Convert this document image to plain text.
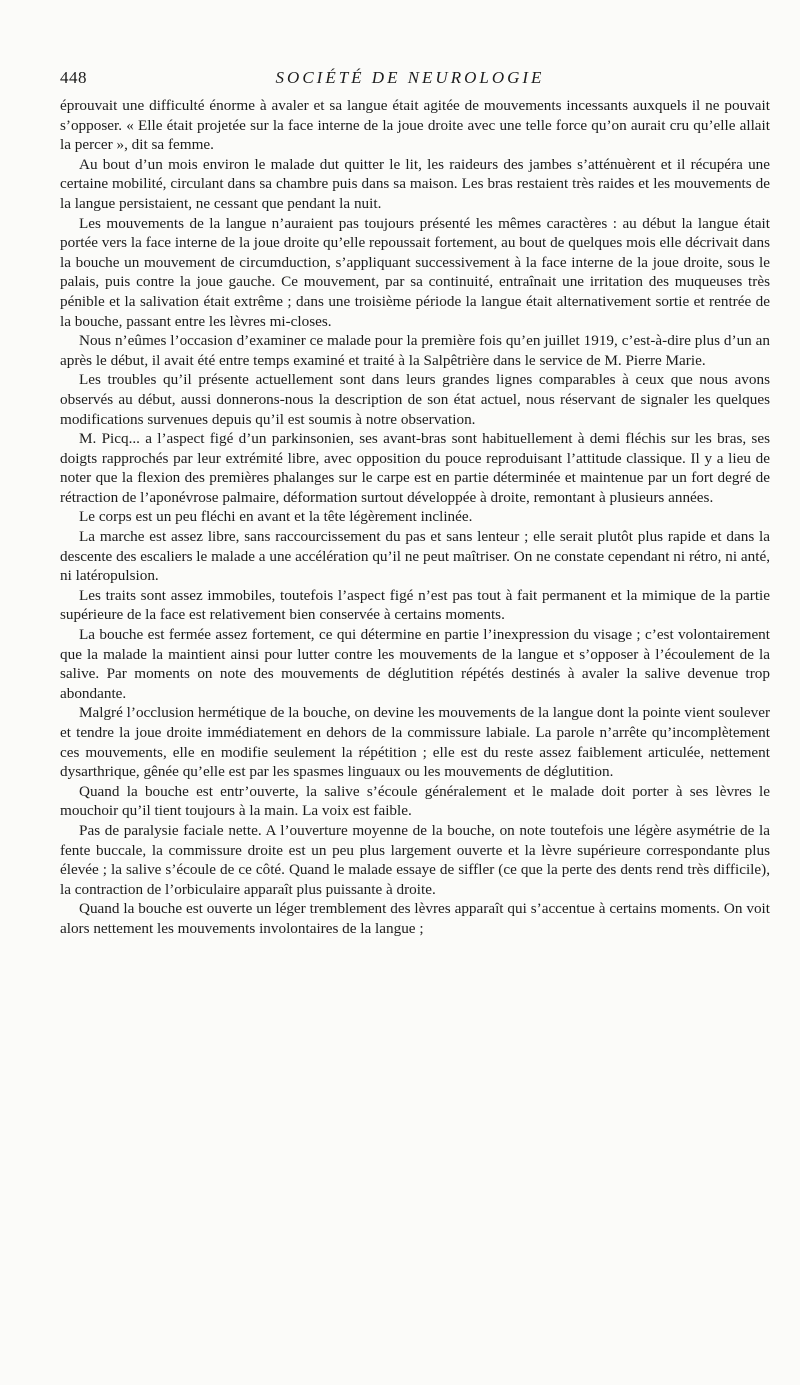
448	SOCIÉTÉ DE NEUROLOGIE

éprouvait une difficulté énorme à avaler et sa langue était agitée de mouvements incessants auxquels il ne pouvait s’opposer. « Elle était projetée sur la face interne de la joue droite avec une telle force qu’on aurait cru qu’elle allait la percer », dit sa femme.

Au bout d’un mois environ le malade dut quitter le lit, les raideurs des jambes s’atténuèrent et il récupéra une certaine mobilité, circulant dans sa chambre puis dans sa maison. Les bras restaient très raides et les mouvements de la langue persistaient, ne cessant que pendant la nuit.

Les mouvements de la langue n’auraient pas toujours présenté les mêmes caractères : au début la langue était portée vers la face interne de la joue droite qu’elle repoussait fortement, au bout de quelques mois elle décrivait dans la bouche un mouvement de circumduction, s’appliquant successivement à la face interne de la joue droite, sous le palais, puis contre la joue gauche. Ce mouvement, par sa continuité, entraînait une irritation des muqueuses très pénible et la salivation était extrême ; dans une troisième période la langue était alternativement sortie et rentrée de la bouche, passant entre les lèvres mi-closes.

Nous n’eûmes l’occasion d’examiner ce malade pour la première fois qu’en juillet 1919, c’est-à-dire plus d’un an après le début, il avait été entre temps examiné et traité à la Salpêtrière dans le service de M. Pierre Marie.

Les troubles qu’il présente actuellement sont dans leurs grandes lignes comparables à ceux que nous avons observés au début, aussi donnerons-nous la description de son état actuel, nous réservant de signaler les quelques modifications survenues depuis qu’il est soumis à notre observation.

M. Picq... a l’aspect figé d’un parkinsonien, ses avant-bras sont habituellement à demi fléchis sur les bras, ses doigts rapprochés par leur extrémité libre, avec opposition du pouce reproduisant l’attitude classique. Il y a lieu de noter que la flexion des premières phalanges sur le carpe est en partie déterminée et maintenue par un fort degré de rétraction de l’aponévrose palmaire, déformation surtout développée à droite, remontant à plusieurs années.

Le corps est un peu fléchi en avant et la tête légèrement inclinée.

La marche est assez libre, sans raccourcissement du pas et sans lenteur ; elle serait plutôt plus rapide et dans la descente des escaliers le malade a une accélération qu’il ne peut maîtriser. On ne constate cependant ni rétro, ni anté, ni latéropulsion.

Les traits sont assez immobiles, toutefois l’aspect figé n’est pas tout à fait permanent et la mimique de la partie supérieure de la face est relativement bien conservée à certains moments.

La bouche est fermée assez fortement, ce qui détermine en partie l’inexpression du visage ; c’est volontairement que la malade la maintient ainsi pour lutter contre les mouvements de la langue et s’opposer à l’écoulement de la salive. Par moments on note des mouvements de déglutition répétés destinés à avaler la salive devenue trop abondante.

Malgré l’occlusion hermétique de la bouche, on devine les mouvements de la langue dont la pointe vient soulever et tendre la joue droite immédiatement en dehors de la commissure labiale. La parole n’arrête qu’incomplètement ces mouvements, elle en modifie seulement la répétition ; elle est du reste assez faiblement articulée, nettement dysarthrique, gênée qu’elle est par les spasmes linguaux ou les mouvements de déglutition.

Quand la bouche est entr’ouverte, la salive s’écoule généralement et le malade doit porter à ses lèvres le mouchoir qu’il tient toujours à la main. La voix est faible.

Pas de paralysie faciale nette. A l’ouverture moyenne de la bouche, on note toutefois une légère asymétrie de la fente buccale, la commissure droite est un peu plus largement ouverte et la lèvre supérieure correspondante plus élevée ; la salive s’écoule de ce côté. Quand le malade essaye de siffler (ce que la perte des dents rend très difficile), la contraction de l’orbiculaire apparaît plus puissante à droite.

Quand la bouche est ouverte un léger tremblement des lèvres apparaît qui s’accentue à certains moments. On voit alors nettement les mouvements involontaires de la langue ;
